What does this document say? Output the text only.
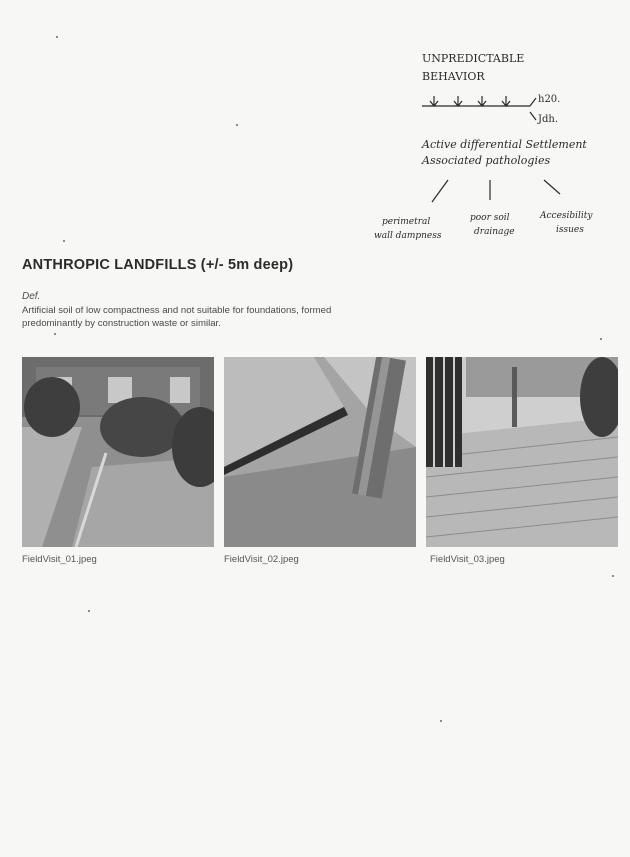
UNPREDICTABLE
BEHAVIOR
h20.
Jdh.
Active differential Settlement
Associated pathologies
perimetral
wall dampness
poor soil
drainage
Accesibility
issues
ANTHROPIC LANDFILLS (+/- 5m deep)
Def.
Artificial soil of low compactness and not suitable for foundations, formed predominantly by construction waste or similar.
FieldVisit_01.jpeg	FieldVisit_02.jpeg	FieldVisit_03.jpeg
